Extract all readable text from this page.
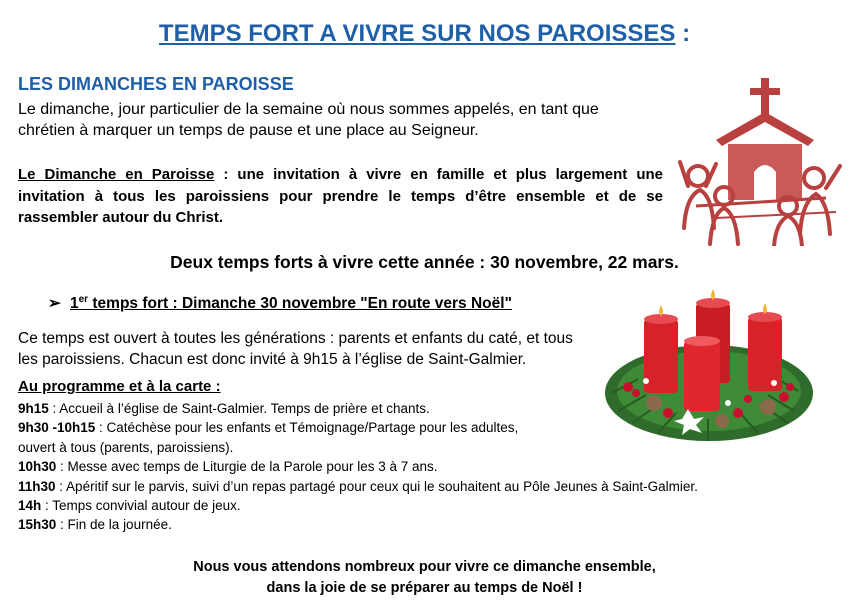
TEMPS FORT A VIVRE SUR NOS PAROISSES :
LES DIMANCHES EN PAROISSE
Le dimanche, jour particulier de la semaine où nous sommes appelés, en tant que chrétien à marquer un temps de pause et une place au Seigneur.
Le Dimanche en Paroisse : une invitation à vivre en famille et plus largement une invitation à tous les paroissiens pour prendre le temps d’être ensemble et de se rassembler autour du Christ.
Deux temps forts à vivre cette année : 30 novembre, 22 mars.
➢ 1er temps fort : Dimanche 30 novembre "En route vers Noël"
Ce temps est ouvert à toutes les générations : parents et enfants du caté, et tous les paroissiens. Chacun est donc invité à 9h15 à l’église de Saint-Galmier.
Au programme et à la carte :
9h15 : Accueil à l’église de Saint-Galmier. Temps de prière et chants.
9h30 -10h15 : Catéchèse pour les enfants et Témoignage/Partage pour les adultes,
ouvert à tous (parents, paroissiens).
10h30 : Messe avec temps de Liturgie de la Parole pour les 3 à 7 ans.
11h30 : Apéritif sur le parvis, suivi d’un repas partagé pour ceux qui le souhaitent au Pôle Jeunes à Saint-Galmier.
14h : Temps convivial autour de jeux.
15h30 : Fin de la journée.
Nous vous attendons nombreux pour vivre ce dimanche ensemble,
dans la joie de se préparer au temps de Noël !
